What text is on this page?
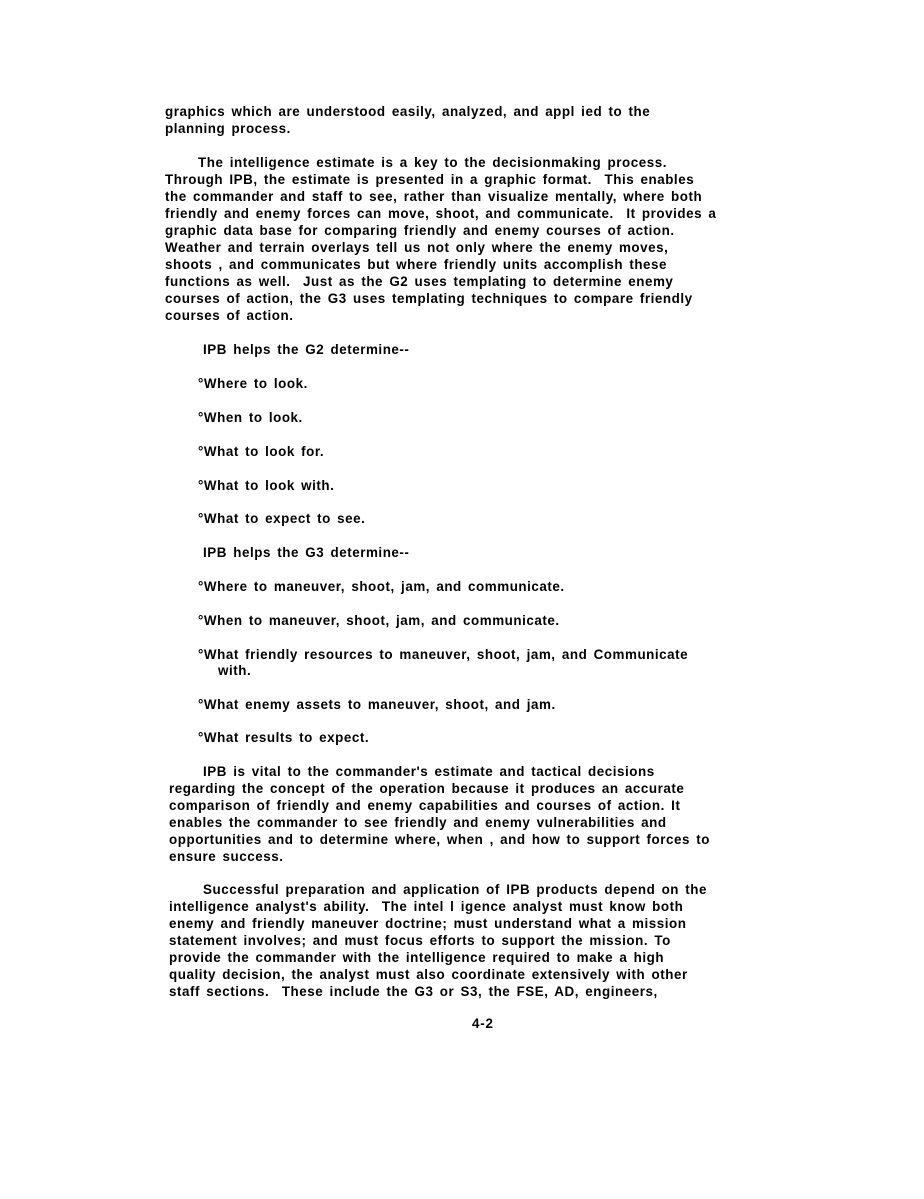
graphics which are understood easily, analyzed, and appl ied to the
planning process.
The intelligence estimate is a key to the decisionmaking process.
Through IPB, the estimate is presented in a graphic format.  This enables
the commander and staff to see, rather than visualize mentally, where both
friendly and enemy forces can move, shoot, and communicate.  It provides a
graphic data base for comparing friendly and enemy courses of action.
Weather and terrain overlays tell us not only where the enemy moves,
shoots , and communicates but where friendly units accomplish these
functions as well.  Just as the G2 uses templating to determine enemy
courses of action, the G3 uses templating techniques to compare friendly
courses of action.
IPB helps the G2 determine--
°Where to look.
°When to look.
°What to look for.
°What to look with.
°What to expect to see.
IPB helps the G3 determine--
°Where to maneuver, shoot, jam, and communicate.
°When to maneuver, shoot, jam, and communicate.
°What friendly resources to maneuver, shoot, jam, and Communicate
with.
°What enemy assets to maneuver, shoot, and jam.
°What results to expect.
IPB is vital to the commander's estimate and tactical decisions
regarding the concept of the operation because it produces an accurate
comparison of friendly and enemy capabilities and courses of action. It
enables the commander to see friendly and enemy vulnerabilities and
opportunities and to determine where, when , and how to support forces to
ensure success.
Successful preparation and application of IPB products depend on the
intelligence analyst's ability.  The intel l igence analyst must know both
enemy and friendly maneuver doctrine; must understand what a mission
statement involves; and must focus efforts to support the mission. To
provide the commander with the intelligence required to make a high
quality decision, the analyst must also coordinate extensively with other
staff sections.  These include the G3 or S3, the FSE, AD, engineers,
4-2
